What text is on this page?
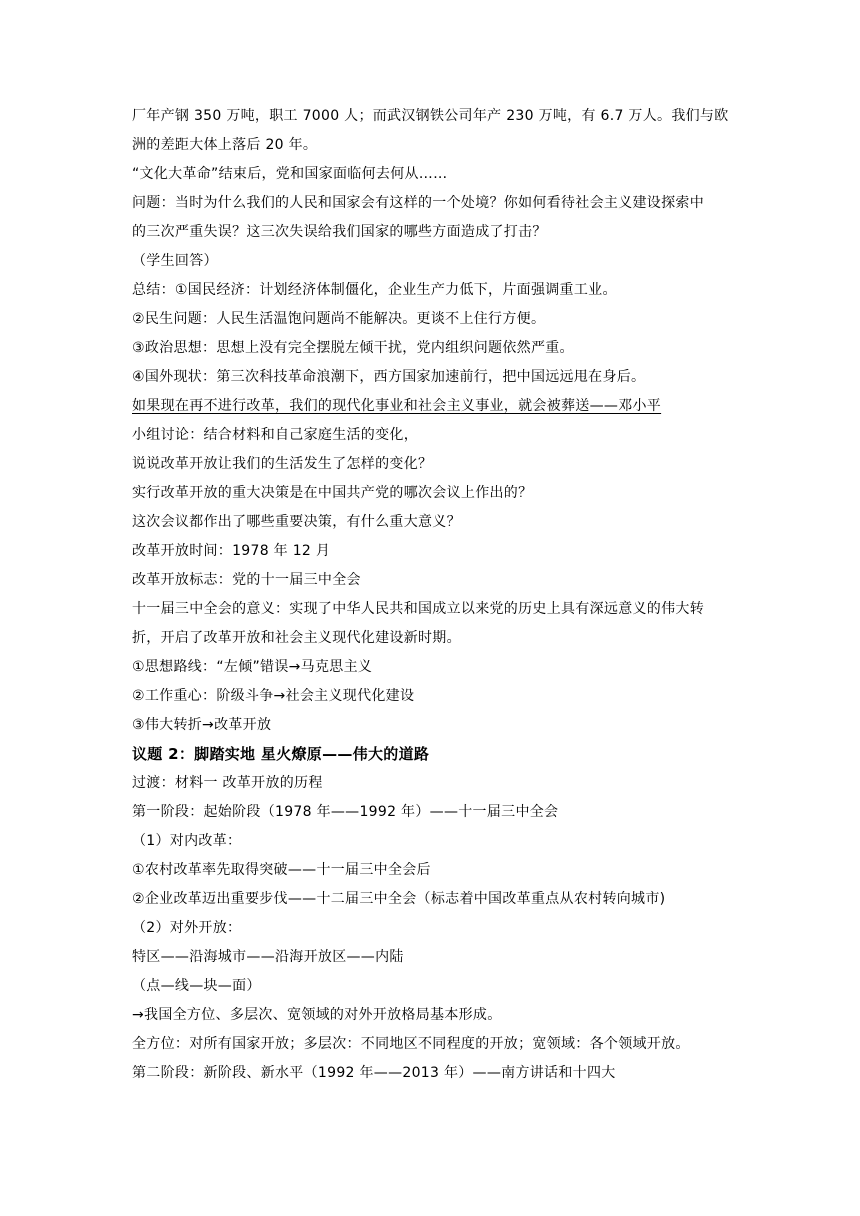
厂年产钢 350 万吨，职工 7000 人；而武汉钢铁公司年产 230 万吨，有 6.7 万人。我们与欧
洲的差距大体上落后 20 年。
“文化大革命”结束后，党和国家面临何去何从……
问题：当时为什么我们的人民和国家会有这样的一个处境？你如何看待社会主义建设探索中
的三次严重失误？这三次失误给我们国家的哪些方面造成了打击？
（学生回答）
总结：①国民经济：计划经济体制僵化，企业生产力低下，片面强调重工业。
②民生问题：人民生活温饱问题尚不能解决。更谈不上住行方便。
③政治思想：思想上没有完全摆脱左倾干扰，党内组织问题依然严重。
④国外现状：第三次科技革命浪潮下，西方国家加速前行，把中国远远甩在身后。
如果现在再不进行改革，我们的现代化事业和社会主义事业，就会被葬送——邓小平
小组讨论：结合材料和自己家庭生活的变化，
说说改革开放让我们的生活发生了怎样的变化？
实行改革开放的重大决策是在中国共产党的哪次会议上作出的？
这次会议都作出了哪些重要决策，有什么重大意义？
改革开放时间：1978 年 12 月
改革开放标志：党的十一届三中全会
十一届三中全会的意义：实现了中华人民共和国成立以来党的历史上具有深远意义的伟大转
折，开启了改革开放和社会主义现代化建设新时期。
①思想路线：“左倾”错误→马克思主义
②工作重心：阶级斗争→社会主义现代化建设
③伟大转折→改革开放
议题 2：脚踏实地 星火燎原——伟大的道路
过渡：材料一 改革开放的历程
第一阶段：起始阶段（1978 年——1992 年）——十一届三中全会
（1）对内改革：
①农村改革率先取得突破——十一届三中全会后
②企业改革迈出重要步伐——十二届三中全会（标志着中国改革重点从农村转向城市)
（2）对外开放：
特区——沿海城市——沿海开放区——内陆
（点—线—块—面）
→我国全方位、多层次、宽领域的对外开放格局基本形成。
全方位：对所有国家开放；多层次：不同地区不同程度的开放；宽领域：各个领域开放。
第二阶段：新阶段、新水平（1992 年——2013 年）——南方讲话和十四大
